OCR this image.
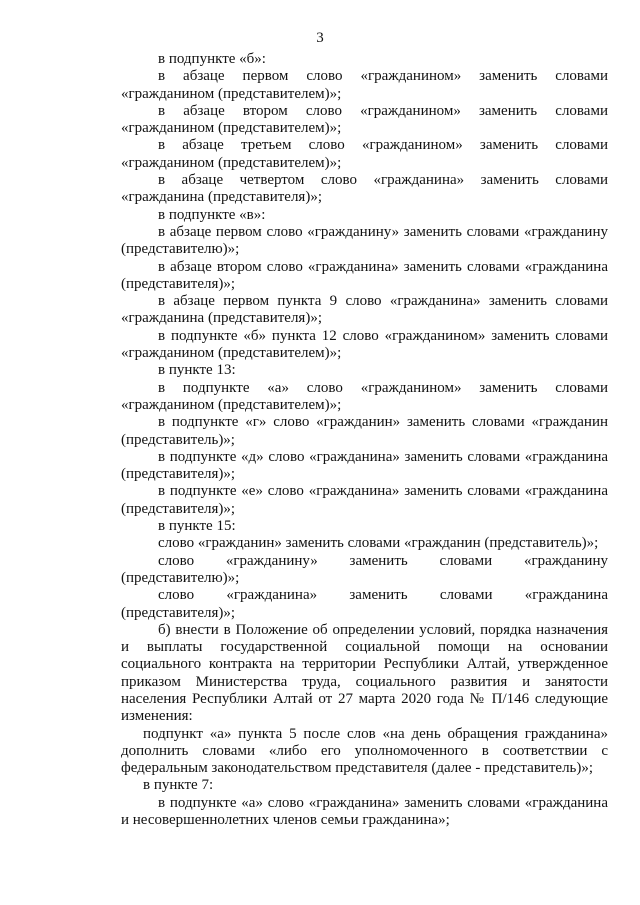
3
в подпункте «б»:
в абзаце первом слово «гражданином» заменить словами
«гражданином (представителем)»;
в абзаце втором слово «гражданином» заменить словами
«гражданином (представителем)»;
в абзаце третьем слово «гражданином» заменить словами
«гражданином (представителем)»;
в абзаце четвертом слово «гражданина» заменить словами
«гражданина (представителя)»;
в подпункте «в»:
в абзаце первом слово «гражданину» заменить словами «гражданину
(представителю)»;
в абзаце втором слово «гражданина» заменить словами «гражданина
(представителя)»;
в абзаце первом пункта 9 слово «гражданина» заменить словами
«гражданина (представителя)»;
в подпункте «б» пункта 12 слово «гражданином» заменить словами
«гражданином (представителем)»;
в пункте 13:
в подпункте «а» слово «гражданином» заменить словами
«гражданином (представителем)»;
в подпункте «г» слово «гражданин» заменить словами «гражданин
(представитель)»;
в подпункте «д» слово «гражданина» заменить словами «гражданина
(представителя)»;
в подпункте «е» слово «гражданина» заменить словами «гражданина
(представителя)»;
в пункте 15:
слово «гражданин» заменить словами «гражданин (представитель)»;
слово «гражданину» заменить словами «гражданину
(представителю)»;
слово «гражданина» заменить словами «гражданина
(представителя)»;
б) внести в Положение об определении условий, порядка назначения
и выплаты государственной социальной помощи на основании
социального контракта на территории Республики Алтай, утвержденное
приказом Министерства труда, социального развития и занятости
населения Республики Алтай от 27 марта 2020 года № П/146 следующие
изменения:
подпункт «а» пункта 5 после слов «на день обращения гражданина»
дополнить словами «либо его уполномоченного в соответствии с
федеральным законодательством представителя (далее - представитель)»;
в пункте 7:
в подпункте «а» слово «гражданина» заменить словами «гражданина
и несовершеннолетних членов семьи гражданина»;
